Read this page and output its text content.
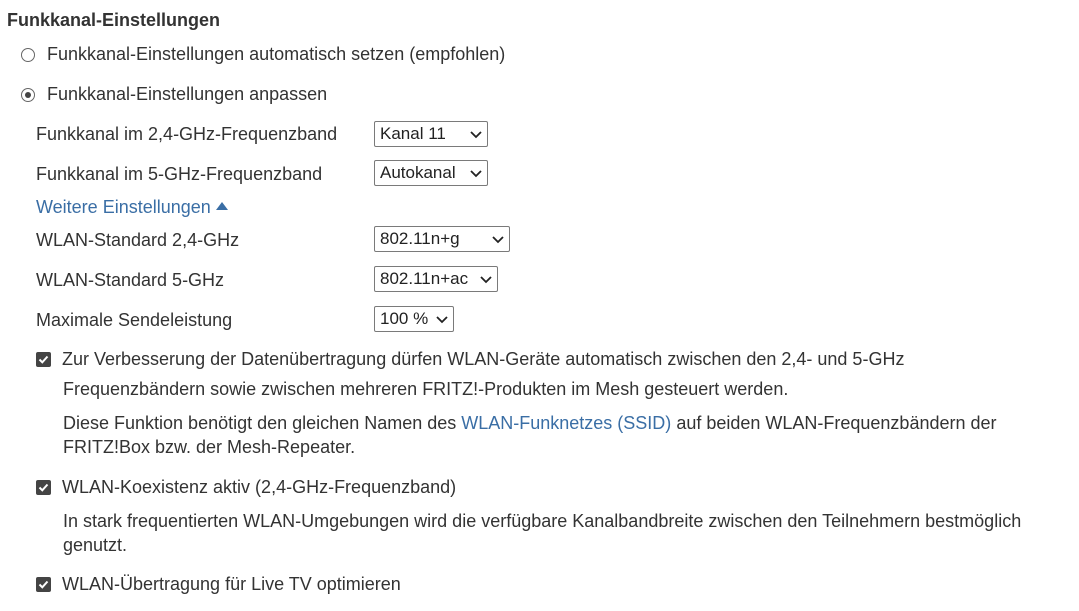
Funkkanal-Einstellungen
Funkkanal-Einstellungen automatisch setzen (empfohlen)
Funkkanal-Einstellungen anpassen
Funkkanal im 2,4-GHz-Frequenzband	Kanal 11
Funkkanal im 5-GHz-Frequenzband	Autokanal
Weitere Einstellungen
WLAN-Standard 2,4-GHz	802.11n+g
WLAN-Standard 5-GHz	802.11n+ac
Maximale Sendeleistung	100 %
Zur Verbesserung der Datenübertragung dürfen WLAN-Geräte automatisch zwischen den 2,4- und 5-GHz
Frequenzbändern sowie zwischen mehreren FRITZ!-Produkten im Mesh gesteuert werden.
Diese Funktion benötigt den gleichen Namen des WLAN-Funknetzes (SSID) auf beiden WLAN-Frequenzbändern der
FRITZ!Box bzw. der Mesh-Repeater.
WLAN-Koexistenz aktiv (2,4-GHz-Frequenzband)
In stark frequentierten WLAN-Umgebungen wird die verfügbare Kanalbandbreite zwischen den Teilnehmern bestmöglich
genutzt.
WLAN-Übertragung für Live TV optimieren
